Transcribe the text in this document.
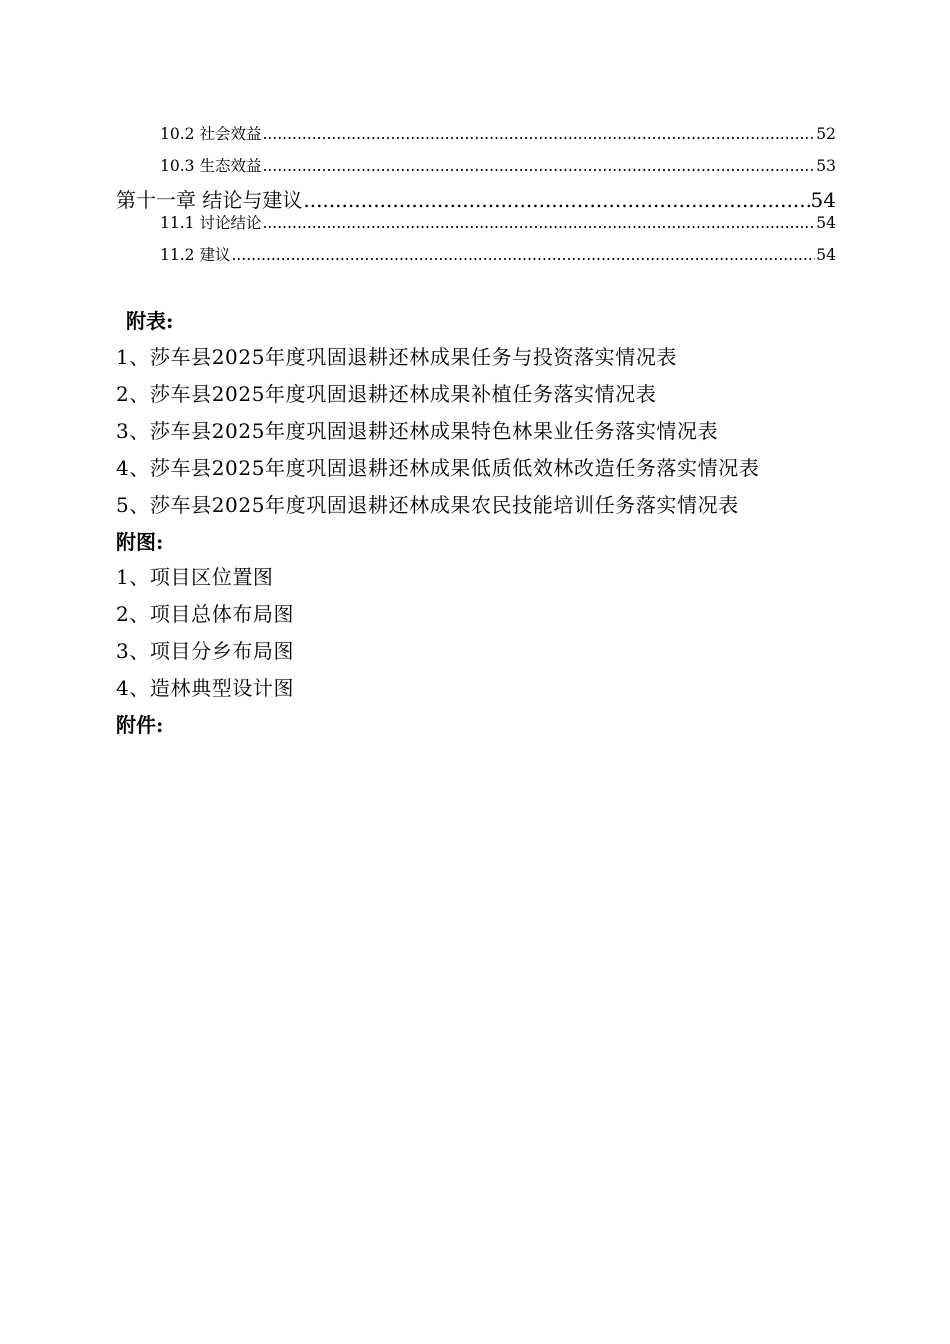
10.2 社会效益 .....	52
10.3 生态效益 .....	53
第十一章 结论与建议 .....	54
11.1 讨论结论 .....	54
11.2 建议 .....	54
附表:
1、莎车县2025年度巩固退耕还林成果任务与投资落实情况表
2、莎车县2025年度巩固退耕还林成果补植任务落实情况表
3、莎车县2025年度巩固退耕还林成果特色林果业任务落实情况表
4、莎车县2025年度巩固退耕还林成果低质低效林改造任务落实情况表
5、莎车县2025年度巩固退耕还林成果农民技能培训任务落实情况表
附图:
1、项目区位置图
2、项目总体布局图
3、项目分乡布局图
4、造林典型设计图
附件:
